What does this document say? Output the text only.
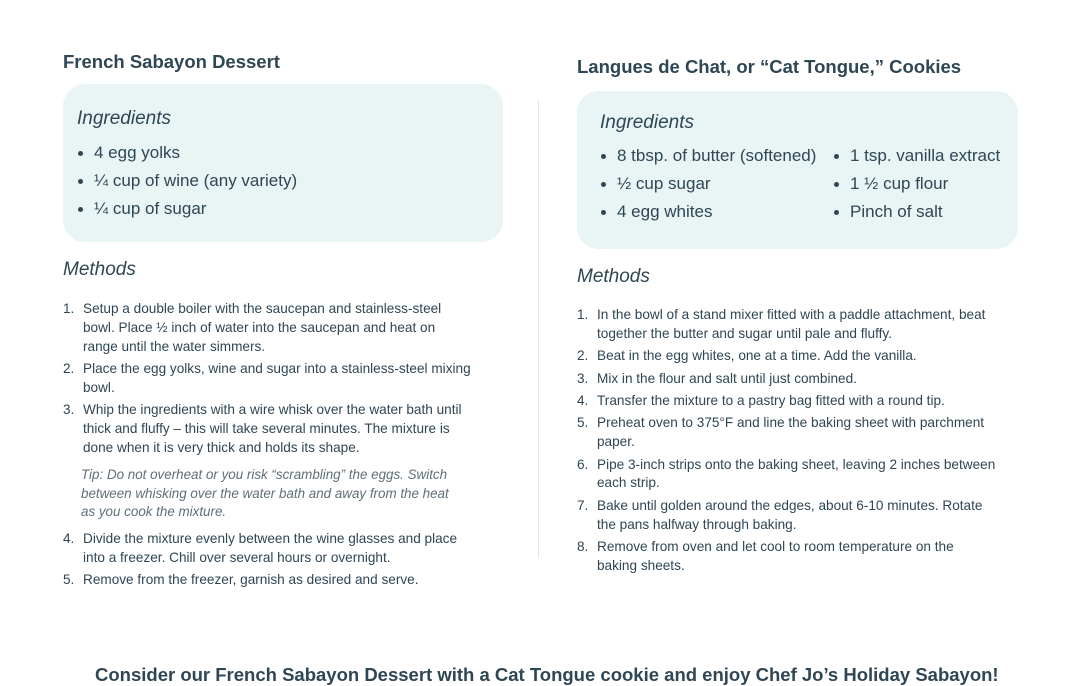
French Sabayon Dessert
Ingredients
4 egg yolks
¼ cup of wine (any variety)
¼ cup of sugar
Methods
1. Setup a double boiler with the saucepan and stainless-steel bowl. Place ½ inch of water into the saucepan and heat on range until the water simmers.
2. Place the egg yolks, wine and sugar into a stainless-steel mixing bowl.
3. Whip the ingredients with a wire whisk over the water bath until thick and fluffy – this will take several minutes. The mixture is done when it is very thick and holds its shape.
Tip: Do not overheat or you risk “scrambling” the eggs. Switch between whisking over the water bath and away from the heat as you cook the mixture.
4. Divide the mixture evenly between the wine glasses and place into a freezer. Chill over several hours or overnight.
5. Remove from the freezer, garnish as desired and serve.
Langues de Chat, or “Cat Tongue,” Cookies
Ingredients
8 tbsp. of butter (softened)
½ cup sugar
4 egg whites
1 tsp. vanilla extract
1 ½ cup flour
Pinch of salt
Methods
1. In the bowl of a stand mixer fitted with a paddle attachment, beat together the butter and sugar until pale and fluffy.
2. Beat in the egg whites, one at a time. Add the vanilla.
3. Mix in the flour and salt until just combined.
4. Transfer the mixture to a pastry bag fitted with a round tip.
5. Preheat oven to 375°F and line the baking sheet with parchment paper.
6. Pipe 3-inch strips onto the baking sheet, leaving 2 inches between each strip.
7. Bake until golden around the edges, about 6-10 minutes. Rotate the pans halfway through baking.
8. Remove from oven and let cool to room temperature on the baking sheets.
Consider our French Sabayon Dessert with a Cat Tongue cookie and enjoy Chef Jo’s Holiday Sabayon!
